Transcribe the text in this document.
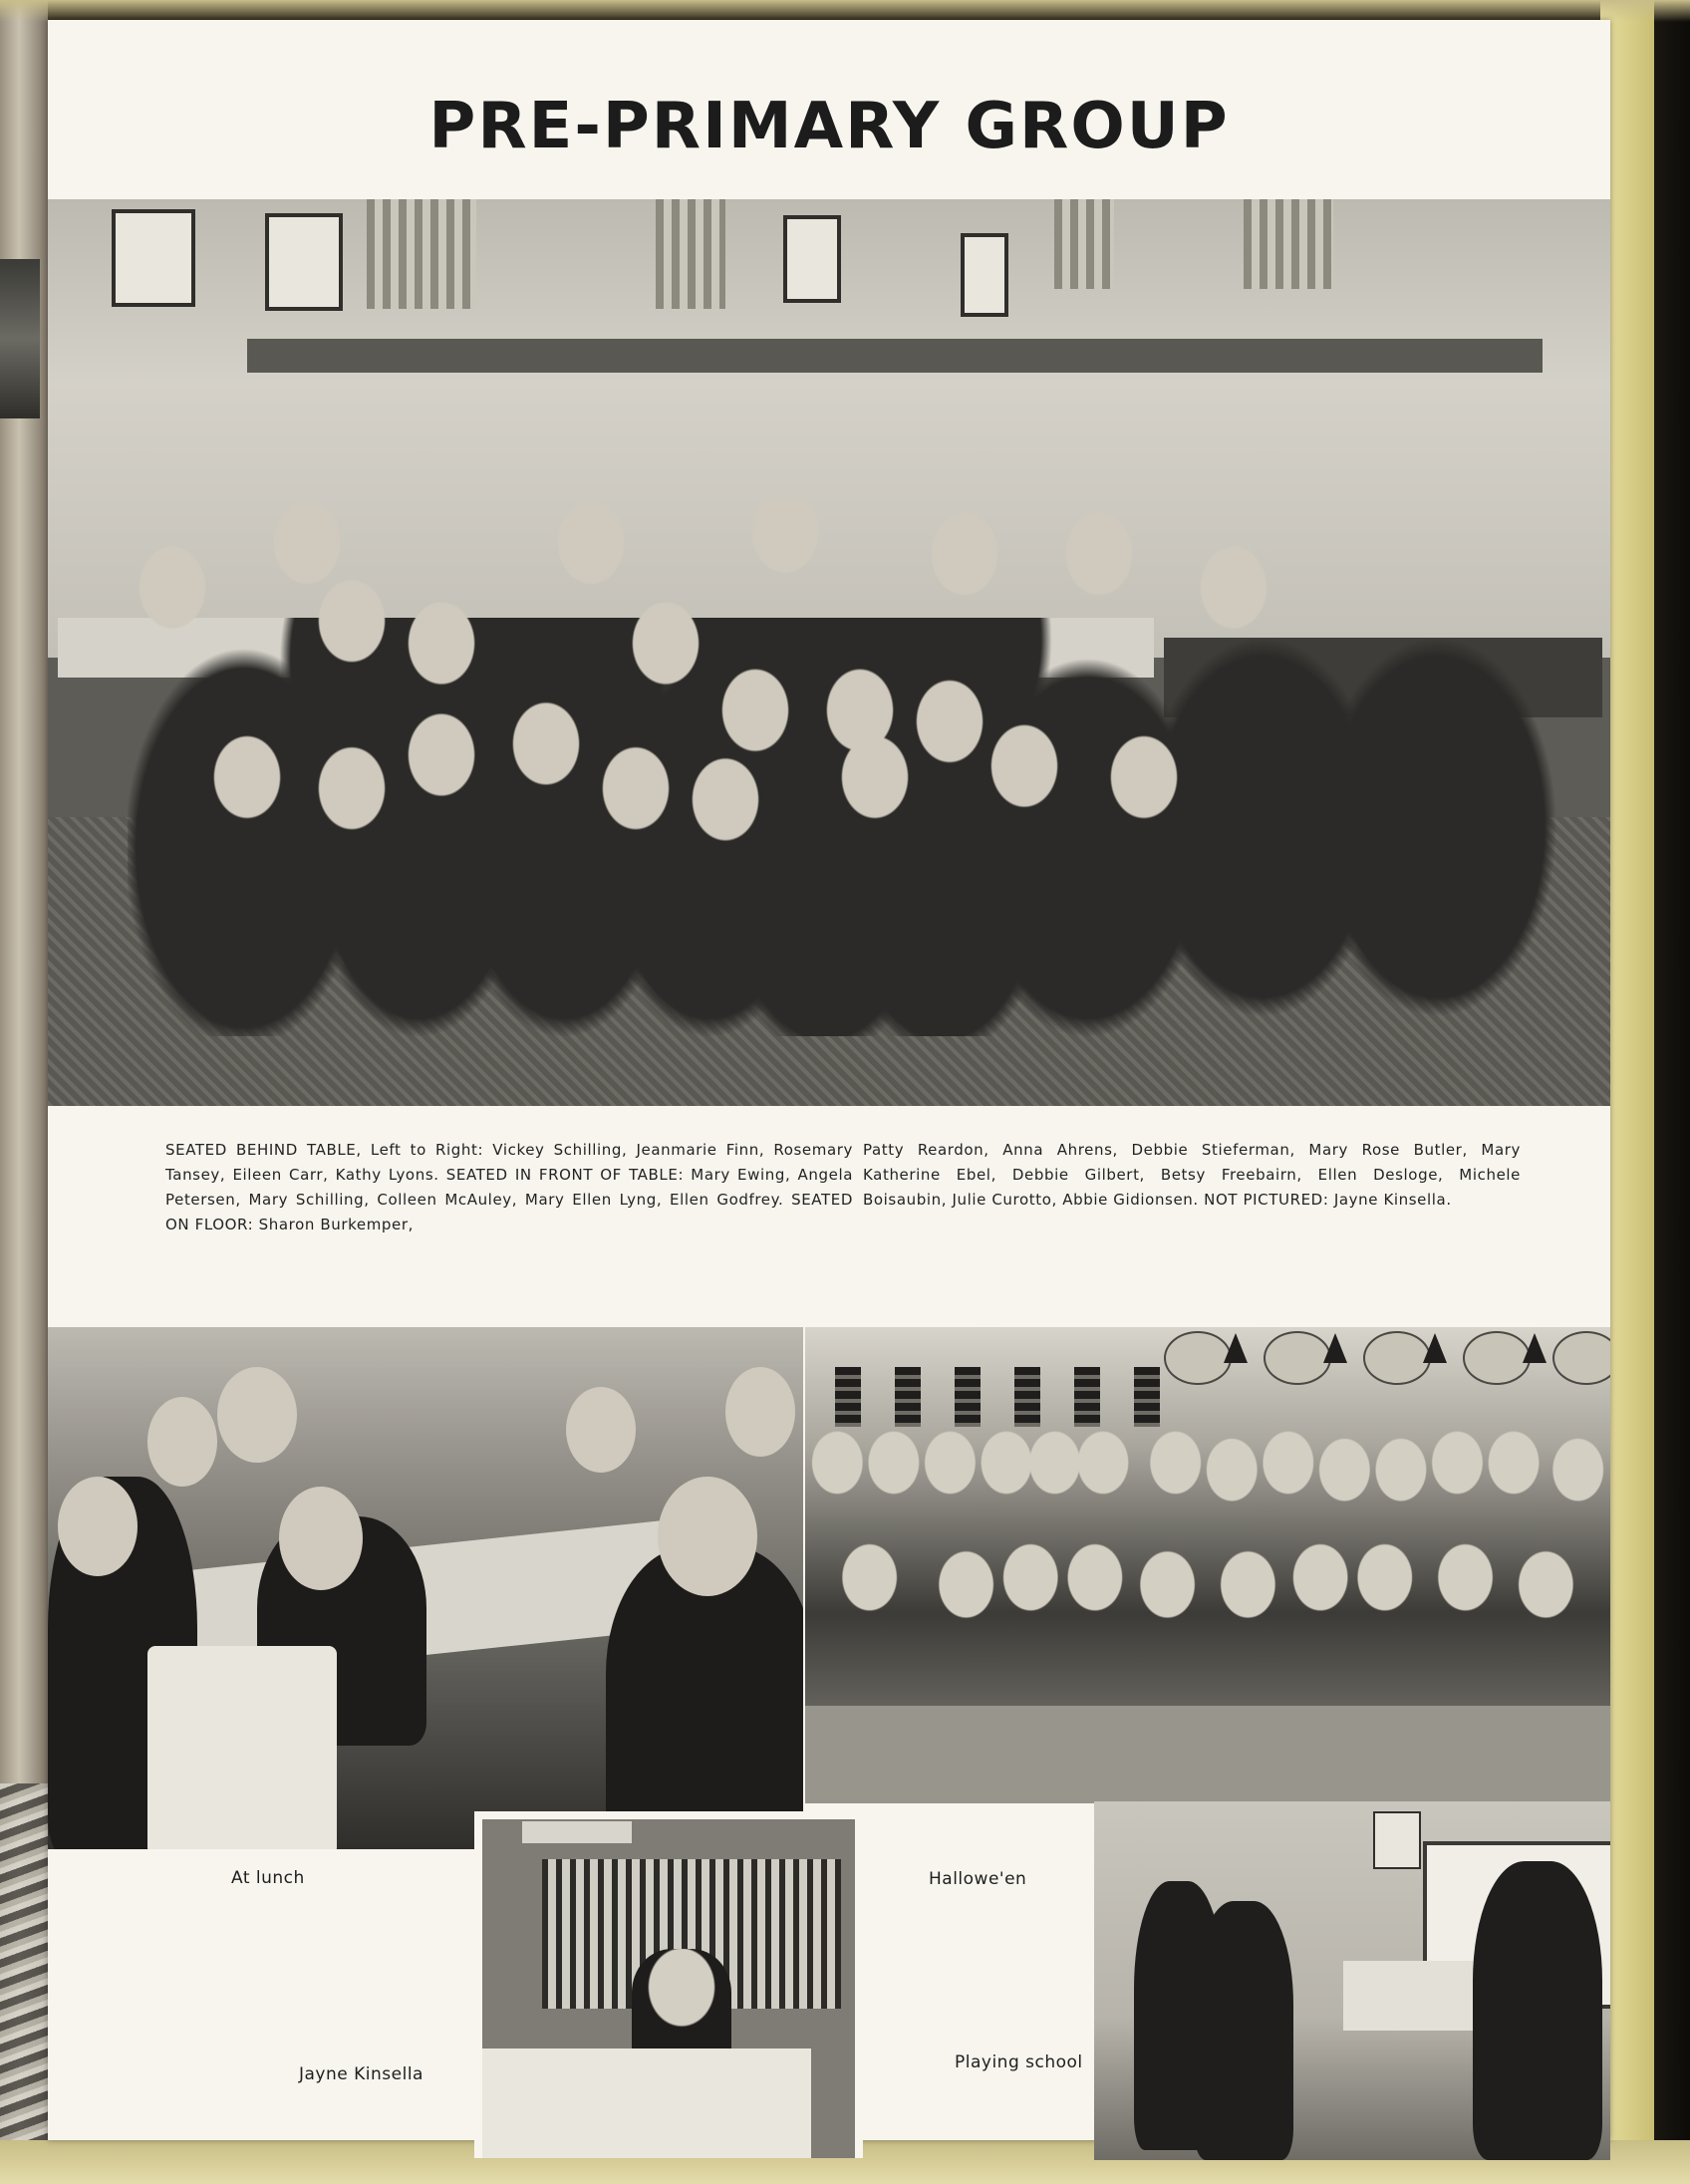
PRE-PRIMARY GROUP

SEATED BEHIND TABLE, Left to Right: Vickey Schilling, Jeanmarie Finn, Rosemary Tansey, Eileen Carr, Kathy Lyons. SEATED IN FRONT OF TABLE: Mary Ewing, Angela Petersen, Mary Schilling, Colleen McAuley, Mary Ellen Lyng, Ellen Godfrey. SEATED ON FLOOR: Sharon Burkemper,

Patty Reardon, Anna Ahrens, Debbie Stieferman, Mary Rose Butler, Mary Katherine Ebel, Debbie Gilbert, Betsy Freebairn, Ellen Desloge, Michele Boisaubin, Julie Curotto, Abbie Gidionsen. NOT PICTURED: Jayne Kinsella.

At lunch

Jayne Kinsella

Hallowe'en

Playing school
